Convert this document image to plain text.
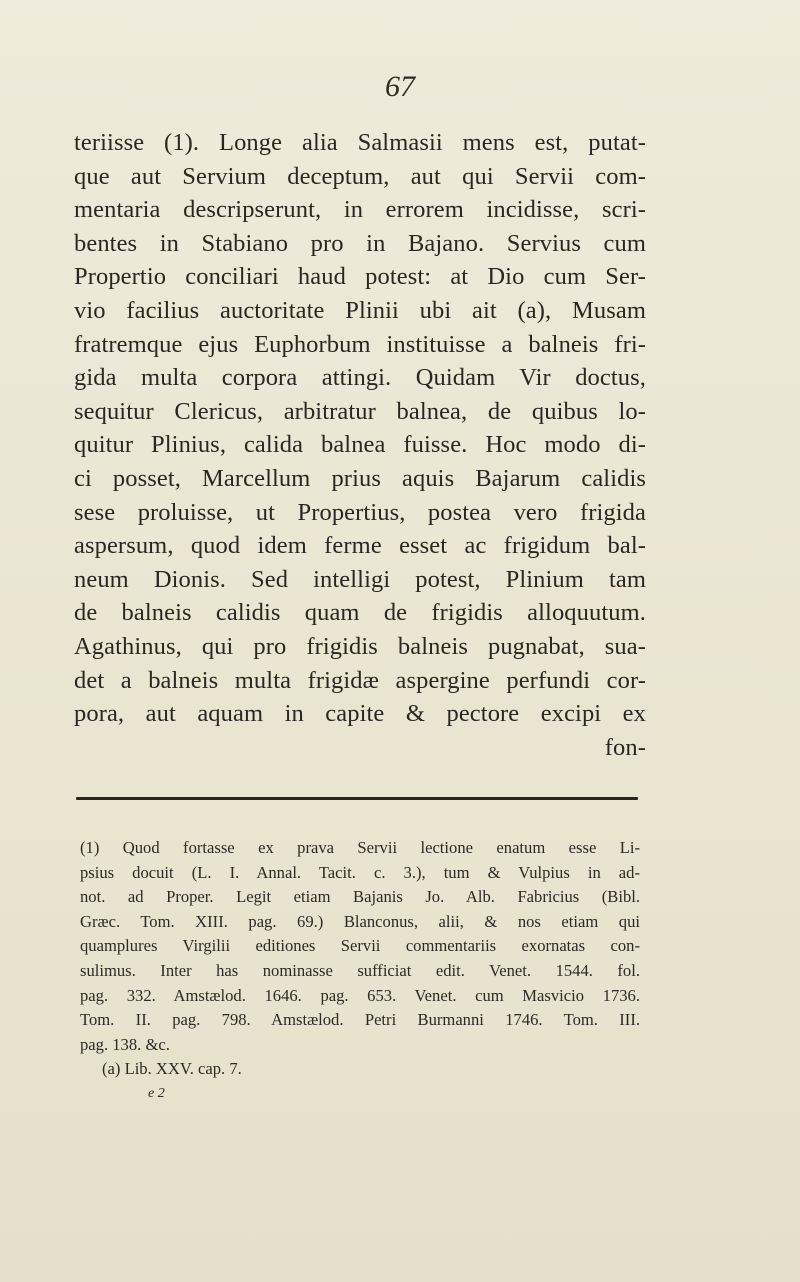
67
teriisse (1). Longe alia Salmasii mens est, putat-
que aut Servium deceptum, aut qui Servii com-
mentaria descripserunt, in errorem incidisse, scri-
bentes in Stabiano pro in Bajano. Servius cum
Propertio conciliari haud potest: at Dio cum Ser-
vio facilius auctoritate Plinii ubi ait (a), Musam
fratremque ejus Euphorbum instituisse a balneis fri-
gida multa corpora attingi. Quidam Vir doctus,
sequitur Clericus, arbitratur balnea, de quibus lo-
quitur Plinius, calida balnea fuisse. Hoc modo di-
ci posset, Marcellum prius aquis Bajarum calidis
sese proluisse, ut Propertius, postea vero frigida
aspersum, quod idem ferme esset ac frigidum bal-
neum Dionis. Sed intelligi potest, Plinium tam
de balneis calidis quam de frigidis alloquutum.
Agathinus, qui pro frigidis balneis pugnabat, sua-
det a balneis multa frigidæ aspergine perfundi cor-
pora, aut aquam in capite & pectore excipi ex
fon-
(1) Quod fortasse ex prava Servii lectione enatum esse Li-
psius docuit (L. I. Annal. Tacit. c. 3.), tum & Vulpius in ad-
not. ad Proper. Legit etiam Bajanis Jo. Alb. Fabricius (Bibl.
Græc. Tom. XIII. pag. 69.) Blanconus, alii, & nos etiam qui
quamplures Virgilii editiones Servii commentariis exornatas con-
sulimus. Inter has nominasse sufficiat edit. Venet. 1544. fol.
pag. 332. Amstælod. 1646. pag. 653. Venet. cum Masvicio 1736.
Tom. II. pag. 798. Amstælod. Petri Burmanni 1746. Tom. III.
pag. 138. &c.
(a) Lib. XXV. cap. 7.
e 2
